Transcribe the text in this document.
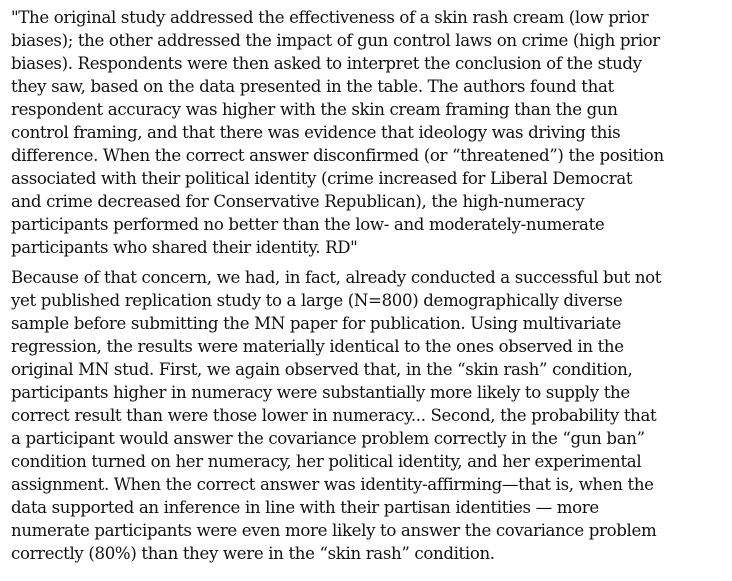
"The original study addressed the effectiveness of a skin rash cream (low prior
biases); the other addressed the impact of gun control laws on crime (high prior
biases). Respondents were then asked to interpret the conclusion of the study
they saw, based on the data presented in the table. The authors found that
respondent accuracy was higher with the skin cream framing than the gun
control framing, and that there was evidence that ideology was driving this
difference. When the correct answer disconfirmed (or “threatened”) the position
associated with their political identity (crime increased for Liberal Democrat
and crime decreased for Conservative Republican), the high-numeracy
participants performed no better than the low- and moderately-numerate
participants who shared their identity. RD"

Because of that concern, we had, in fact, already conducted a successful but not
yet published replication study to a large (N=800) demographically diverse
sample before submitting the MN paper for publication. Using multivariate
regression, the results were materially identical to the ones observed in the
original MN stud. First, we again observed that, in the “skin rash” condition,
participants higher in numeracy were substantially more likely to supply the
correct result than were those lower in numeracy... Second, the probability that
a participant would answer the covariance problem correctly in the “gun ban”
condition turned on her numeracy, her political identity, and her experimental
assignment. When the correct answer was identity-affirming—that is, when the
data supported an inference in line with their partisan identities — more
numerate participants were even more likely to answer the covariance problem
correctly (80%) than they were in the “skin rash” condition.
